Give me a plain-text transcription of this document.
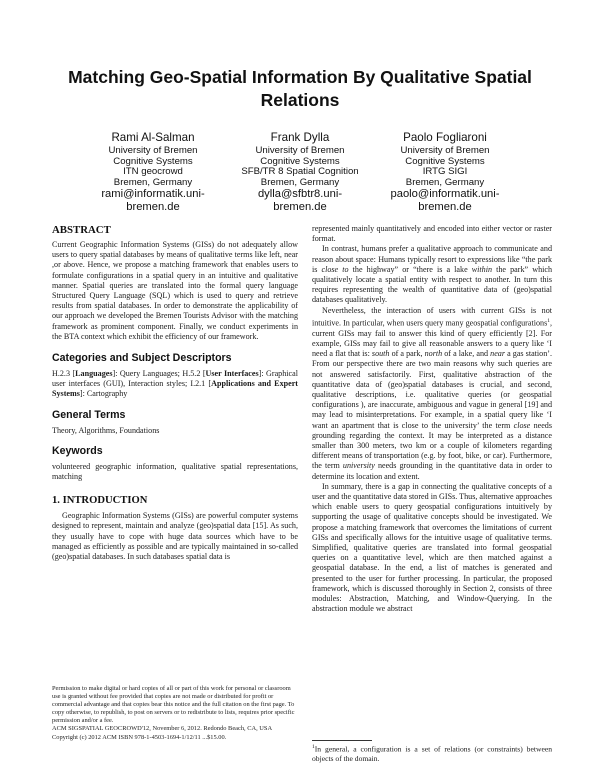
Matching Geo-Spatial Information By Qualitative Spatial Relations
Rami Al-Salman
University of Bremen
Cognitive Systems
ITN geocrowd
Bremen, Germany
rami@informatik.uni-bremen.de
Frank Dylla
University of Bremen
Cognitive Systems
SFB/TR 8 Spatial Cognition
Bremen, Germany
dylla@sfbtr8.uni-bremen.de
Paolo Fogliaroni
University of Bremen
Cognitive Systems
IRTG SIGI
Bremen, Germany
paolo@informatik.uni-bremen.de
ABSTRACT

Current Geographic Information Systems (GISs) do not adequately allow users to query spatial databases by means of qualitative terms like left, near ,or above. Hence, we propose a matching framework that enables users to formulate configurations in a spatial query in an intuitive and qualitative manner. Spatial queries are translated into the formal query language Structured Query Language (SQL) which is used to query and retrieve results from spatial databases. In order to demonstrate the applicability of our approach we developed the Bremen Tourists Advisor with the matching framework as prominent component. Finally, we conduct experiments in the BTA context which exhibit the efficiency of our framework.

Categories and Subject Descriptors

H.2.3 [Languages]: Query Languages; H.5.2 [User Interfaces]: Graphical user interfaces (GUI), Interaction styles; I.2.1 [Applications and Expert Systems]: Cartography

General Terms

Theory, Algorithms, Foundations

Keywords

volunteered geographic information, qualitative spatial representations, matching

1. INTRODUCTION

Geographic Information Systems (GISs) are powerful computer systems designed to represent, maintain and analyze (geo)spatial data [15]. As such, they usually have to cope with huge data sources which have to be managed as efficiently as possible and are typically maintained in so-called (geo)spatial databases. In such databases spatial data is

Permission to make digital or hard copies of all or part of this work for personal or classroom use is granted without fee provided that copies are not made or distributed for profit or commercial advantage and that copies bear this notice and the full citation on the first page. To copy otherwise, to republish, to post on servers or to redistribute to lists, requires prior specific permission and/or a fee.

ACM SIGSPATIAL GEOCROWD'12, November 6, 2012. Redondo Beach, CA, USA

Copyright (c) 2012 ACM ISBN 978-1-4503-1694-1/12/11 ...$15.00.

represented mainly quantitatively and encoded into either vector or raster format.

In contrast, humans prefer a qualitative approach to communicate and reason about space: Humans typically resort to expressions like “the park is close to the highway” or “there is a lake within the park” which qualitatively locate a spatial entity with respect to another. In turn this requires representing the wealth of quantitative data of (geo)spatial databases qualitatively.

Nevertheless, the interaction of users with current GISs is not intuitive. In particular, when users query many geospatial configurations$^1$, current GISs may fail to answer this kind of query efficiently [2]. For example, GISs may fail to give all reasonable answers to a query like ‘I need a flat that is: south of a park, north of a lake, and near a gas station’. From our perspective there are two main reasons why such queries are not answered satisfactorily. First, qualitative abstraction of the quantitative data of (geo)spatial databases is crucial, and second, qualitative descriptions, i.e. qualitative queries (or geospatial configurations ), are inaccurate, ambiguous and vague in general [19] and may lead to misinterpretations. For example, in a spatial query like ‘I want an apartment that is close to the university’ the term close needs grounding regarding the context. It may be interpreted as a distance smaller than 300 meters, two km or a couple of kilometers regarding different means of transportation (e.g. by foot, bike, or car). Furthermore, the term university needs grounding in the quantitative data in order to determine its location and extent.

In summary, there is a gap in connecting the qualitative concepts of a user and the quantitative data stored in GISs. Thus, alternative approaches which enable users to query geospatial configurations intuitively by supporting the usage of qualitative concepts should be investigated. We propose a matching framework that overcomes the limitations of current GISs and specifically allows for the intuitive usage of qualitative terms. Simplified, qualitative queries are translated into formal geospatial queries on a quantitative level, which are then matched against a geospatial database. In the end, a list of matches is generated and presented to the user for further processing. In particular, the proposed framework, which is discussed thoroughly in Section 2, consists of three modules: Abstraction, Matching, and Window-Querying. In the abstraction module we abstract

$^1$In general, a configuration is a set of relations (or constraints) between objects of the domain.
